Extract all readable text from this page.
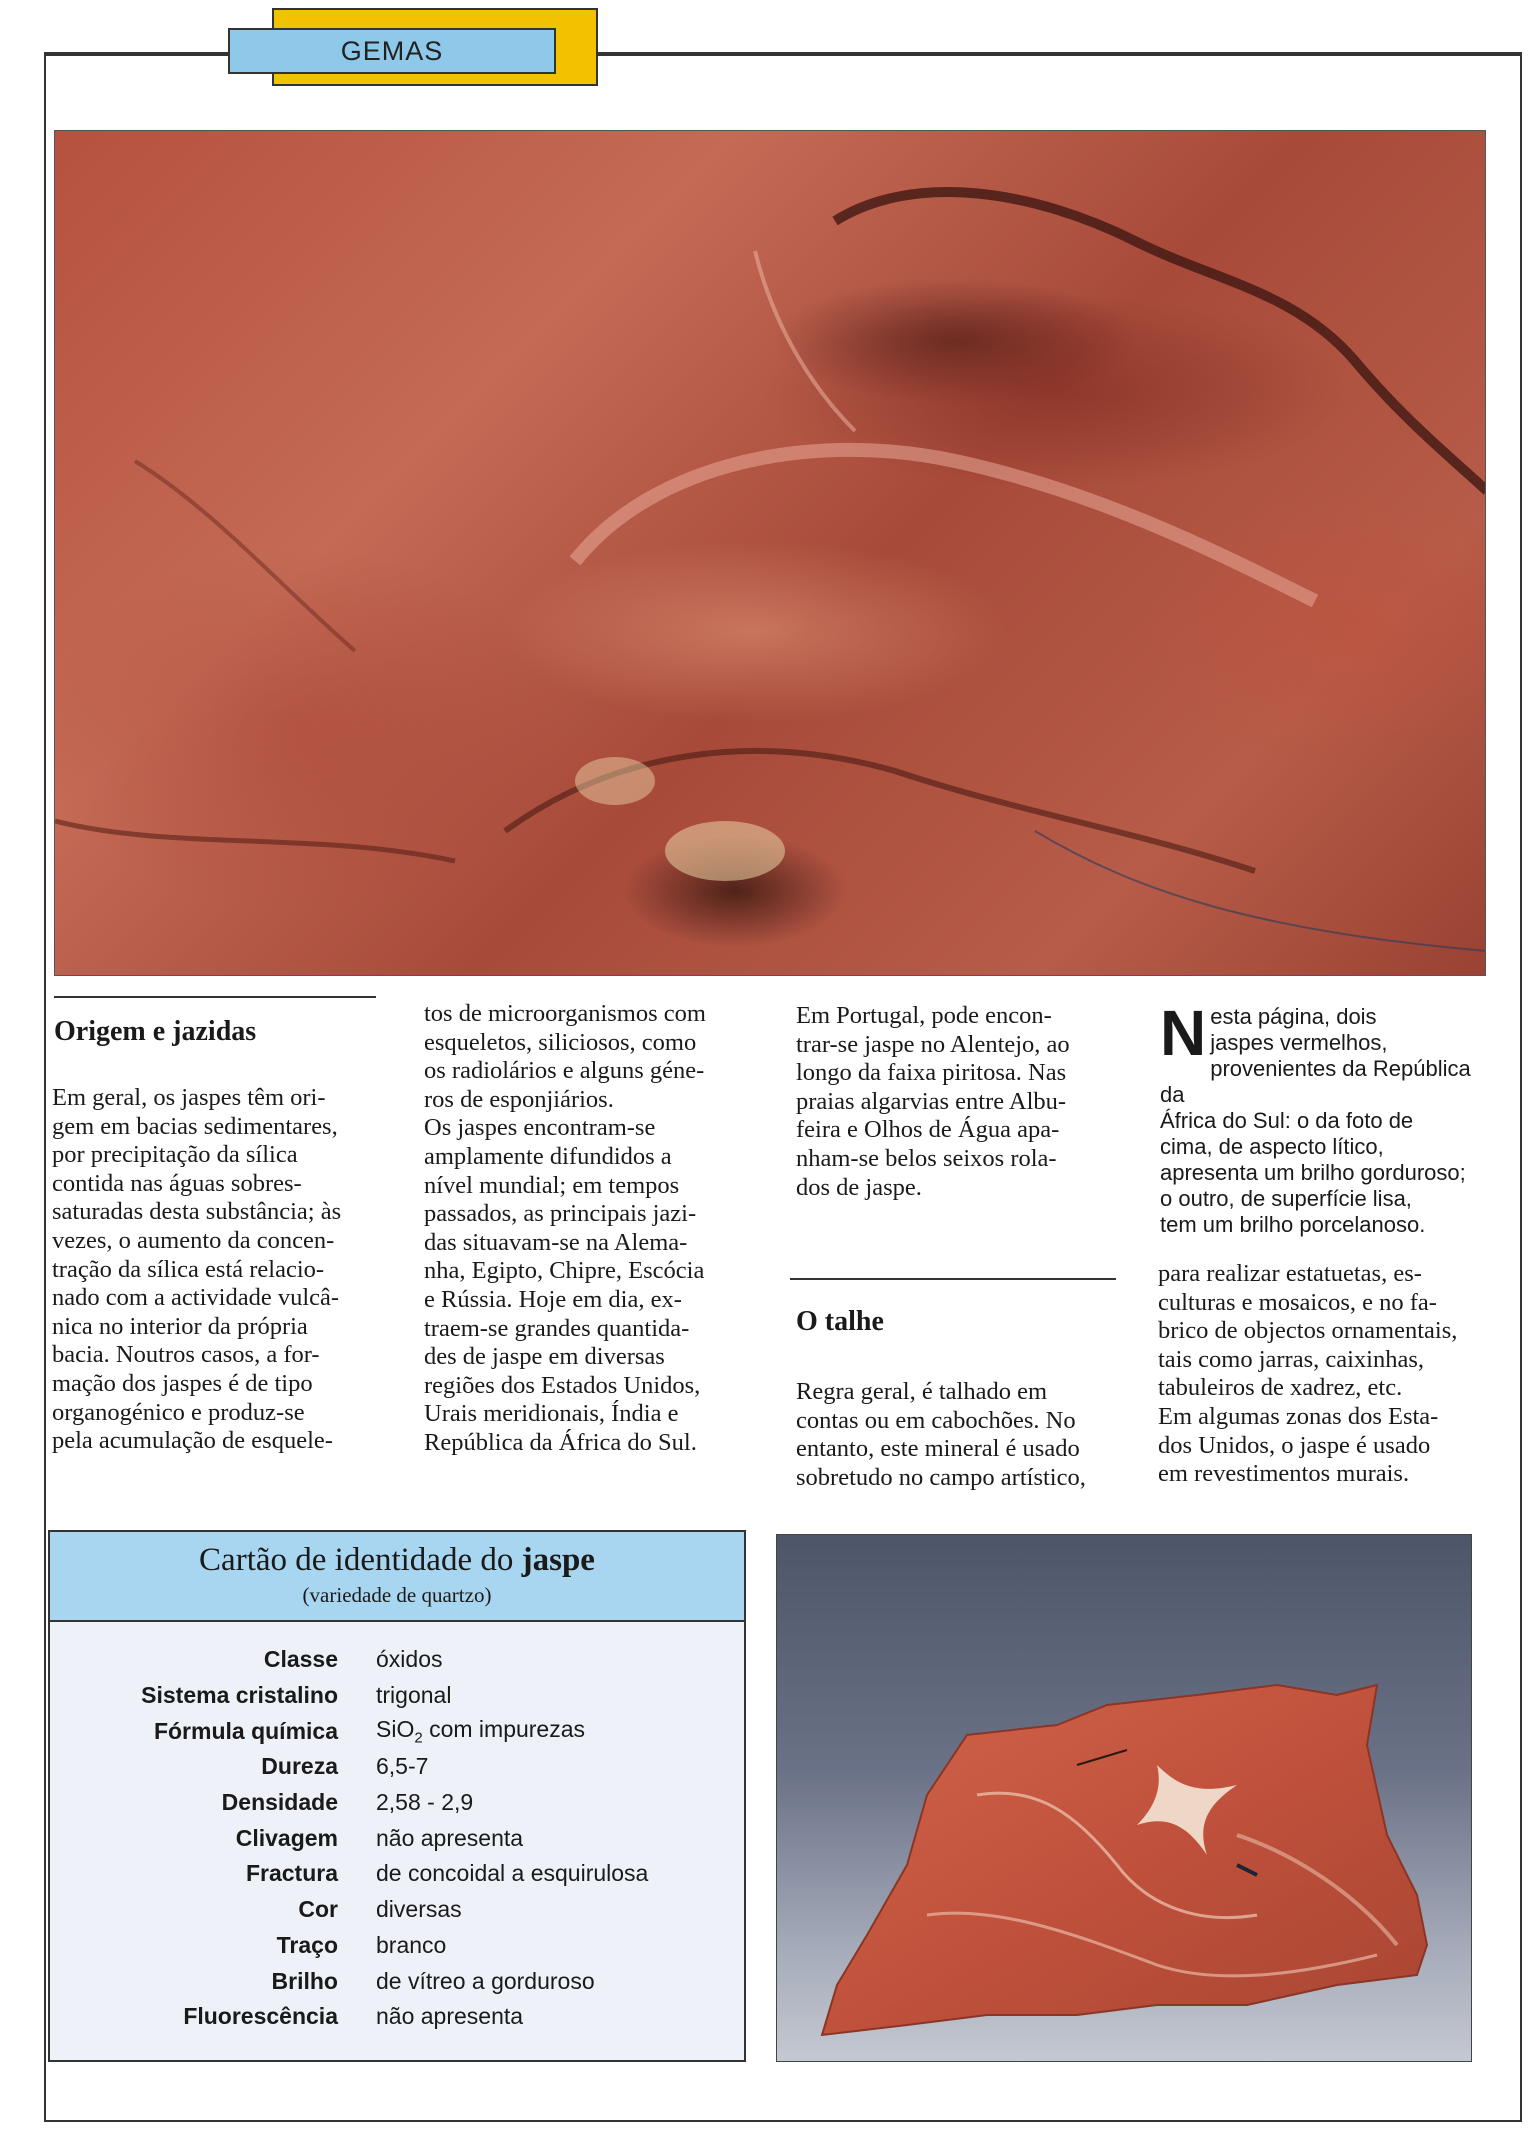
GEMAS
Origem e jazidas

Em geral, os jaspes têm ori-

gem em bacias sedimentares,

por precipitação da sílica

contida nas águas sobres-

saturadas desta substância; às

vezes, o aumento da concen-

tração da sílica está relacio-

nado com a actividade vulcâ-

nica no interior da própria

bacia. Noutros casos, a for-

mação dos jaspes é de tipo

organogénico e produz-se

pela acumulação de esquele-

tos de microorganismos com

esqueletos, siliciosos, como

os radiolários e alguns géne-

ros de esponjiários.

Os jaspes encontram-se

amplamente difundidos a

nível mundial; em tempos

passados, as principais jazi-

das situavam-se na Alema-

nha, Egipto, Chipre, Escócia

e Rússia. Hoje em dia, ex-

traem-se grandes quantida-

des de jaspe em diversas

regiões dos Estados Unidos,

Urais meridionais, Índia e

República da África do Sul.

Em Portugal, pode encon-

trar-se jaspe no Alentejo, ao

longo da faixa piritosa. Nas

praias algarvias entre Albu-

feira e Olhos de Água apa-

nham-se belos seixos rola-

dos de jaspe.

O talhe

Regra geral, é talhado em

contas ou em cabochões. No

entanto, este mineral é usado

sobretudo no campo artístico,

N esta página, dois
jaspes vermelhos,
provenientes da República da
África do Sul: o da foto de
cima, de aspecto lítico,
apresenta um brilho gorduroso;
o outro, de superfície lisa,
tem um brilho porcelanoso.

para realizar estatuetas, es-

culturas e mosaicos, e no fa-

brico de objectos ornamentais,

tais como jarras, caixinhas,

tabuleiros de xadrez, etc.

Em algumas zonas dos Esta-

dos Unidos, o jaspe é usado

em revestimentos murais.

Cartão de identidade do jaspe
(variedade de quartzo)
Classe	óxidos
Sistema cristalino	trigonal
Fórmula química	SiO$_2$ com impurezas
Dureza	6,5-7
Densidade	2,58 - 2,9
Clivagem	não apresenta
Fractura	de concoidal a esquirulosa
Cor	diversas
Traço	branco
Brilho	de vítreo a gorduroso
Fluorescência	não apresenta
